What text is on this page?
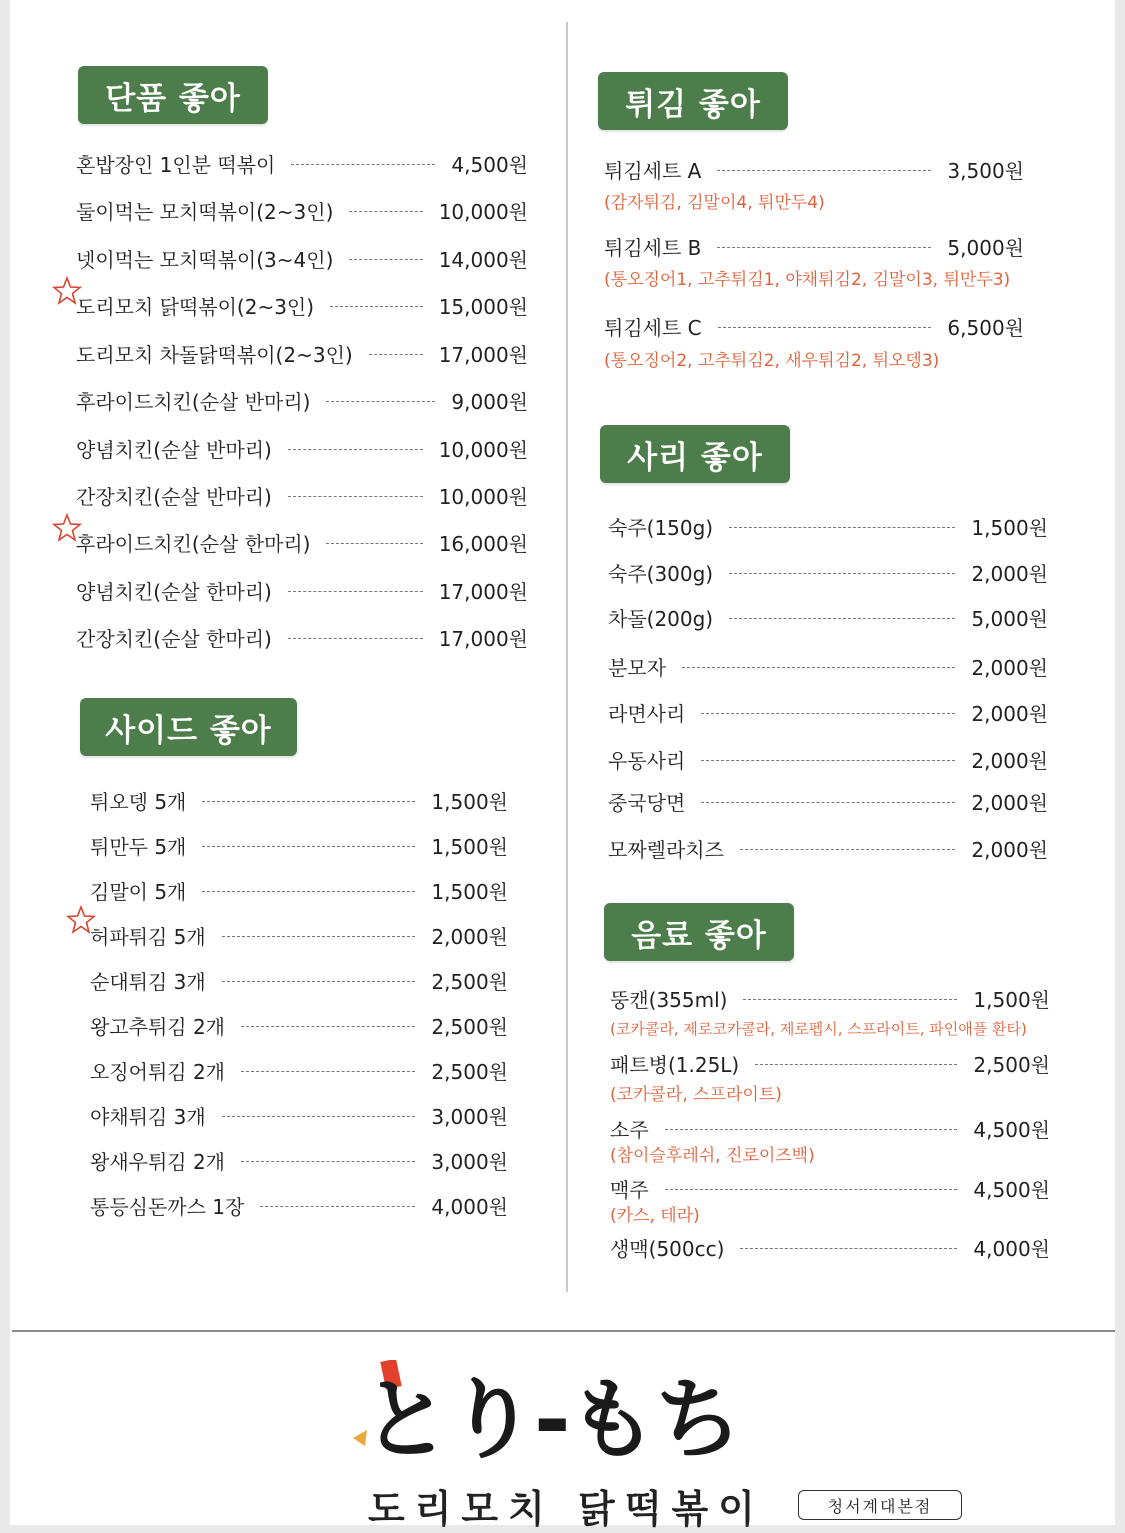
단품 좋아
혼밥장인 1인분 떡볶이	4,500원
둘이먹는 모치떡볶이(2~3인)	10,000원
넷이먹는 모치떡볶이(3~4인)	14,000원
도리모치 닭떡볶이(2~3인)	15,000원
도리모치 차돌닭떡볶이(2~3인)	17,000원
후라이드치킨(순살 반마리)	9,000원
양념치킨(순살 반마리)	10,000원
간장치킨(순살 반마리)	10,000원
후라이드치킨(순살 한마리)	16,000원
양념치킨(순살 한마리)	17,000원
간장치킨(순살 한마리)	17,000원
사이드 좋아
튀오뎅 5개	1,500원
튀만두 5개	1,500원
김말이 5개	1,500원
허파튀김 5개	2,000원
순대튀김 3개	2,500원
왕고추튀김 2개	2,500원
오징어튀김 2개	2,500원
야채튀김 3개	3,000원
왕새우튀김 2개	3,000원
통등심돈까스 1장	4,000원
튀김 좋아
튀김세트 A	3,500원
(감자튀김, 김말이4, 튀만두4)
튀김세트 B	5,000원
(통오징어1, 고추튀김1, 야채튀김2, 김말이3, 튀만두3)
튀김세트 C	6,500원
(통오징어2, 고추튀김2, 새우튀김2, 튀오뎅3)
사리 좋아
숙주(150g)	1,500원
숙주(300g)	2,000원
차돌(200g)	5,000원
분모자	2,000원
라면사리	2,000원
우동사리	2,000원
중국당면	2,000원
모짜렐라치즈	2,000원
음료 좋아
뚱캔(355ml)	1,500원
(코카콜라, 제로코카콜라, 제로펩시, 스프라이트, 파인애플 환타)
패트병(1.25L)	2,500원
(코카콜라, 스프라이트)
소주	4,500원
(참이슬후레쉬, 진로이즈백)
맥주	4,500원
(카스, 테라)
생맥(500cc)	4,000원
とり-もち
도리모치 닭떡볶이	청서계대본점
